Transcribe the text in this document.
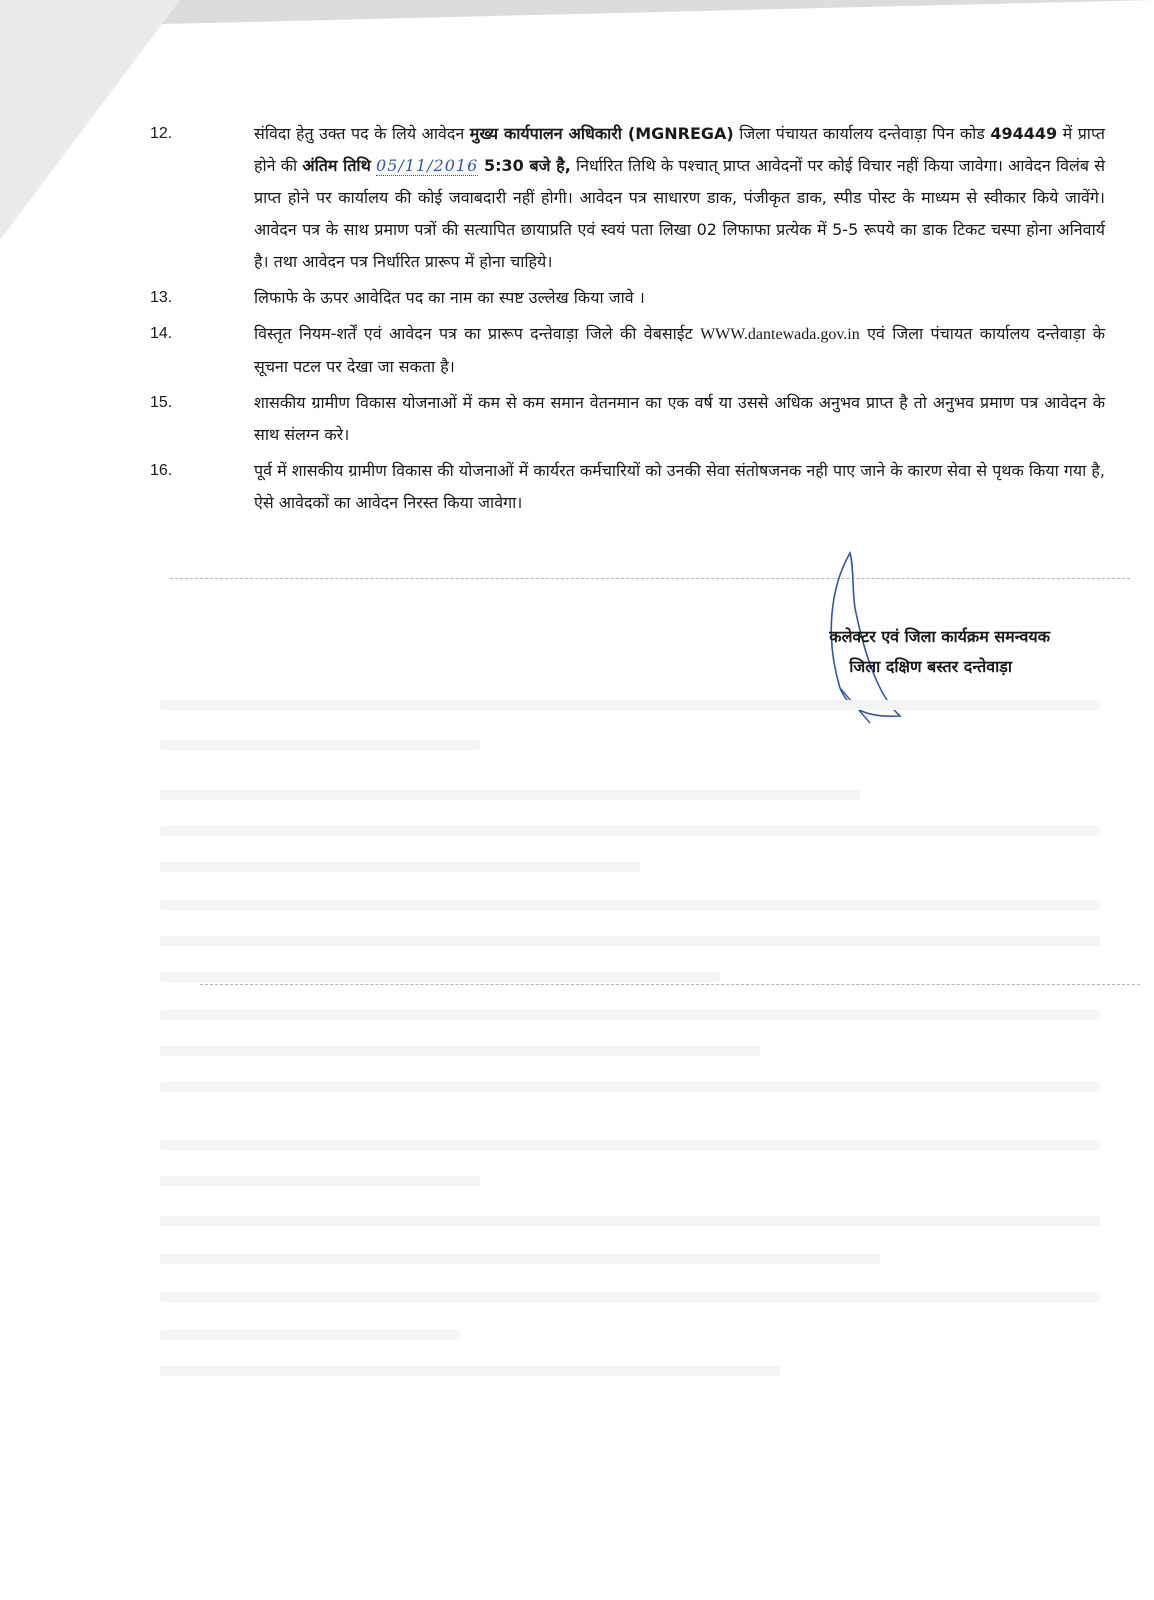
12.	संविदा हेतु उक्त पद के लिये आवेदन मुख्य कार्यपालन अधिकारी (MGNREGA) जिला पंचायत कार्यालय दन्तेवाड़ा पिन कोड 494449 में प्राप्त होने की अंतिम तिथि 05/11/2016 5:30 बजे है, निर्धारित तिथि के पश्चात् प्राप्त आवेदनों पर कोई विचार नहीं किया जावेगा। आवेदन विलंब से प्राप्त होने पर कार्यालय की कोई जवाबदारी नहीं होगी। आवेदन पत्र साधारण डाक, पंजीकृत डाक, स्पीड पोस्ट के माध्यम से स्वीकार किये जावेंगे। आवेदन पत्र के साथ प्रमाण पत्रों की सत्यापित छायाप्रति एवं स्वयं पता लिखा 02 लिफाफा प्रत्येक में 5-5 रूपये का डाक टिकट चस्पा होना अनिवार्य है। तथा आवेदन पत्र निर्धारित प्रारूप में होना चाहिये।
13.	लिफाफे के ऊपर आवेदित पद का नाम का स्पष्ट उल्लेख किया जावे ।
14.	विस्तृत नियम-शर्तें एवं आवेदन पत्र का प्रारूप दन्तेवाड़ा जिले की वेबसाईट WWW.dantewada.gov.in एवं जिला पंचायत कार्यालय दन्तेवाड़ा के सूचना पटल पर देखा जा सकता है।
15.	शासकीय ग्रामीण विकास योजनाओं में कम से कम समान वेतनमान का एक वर्ष या उससे अधिक अनुभव प्राप्त है तो अनुभव प्रमाण पत्र आवेदन के साथ संलग्न करे।
16.	पूर्व में शासकीय ग्रामीण विकास की योजनाओं में कार्यरत कर्मचारियों को उनकी सेवा संतोषजनक नही पाए जाने के कारण सेवा से पृथक किया गया है, ऐसे आवेदकों का आवेदन निरस्त किया जावेगा।
कलेक्टर एवं जिला कार्यक्रम समन्वयक
जिला दक्षिण बस्तर दन्तेवाड़ा
